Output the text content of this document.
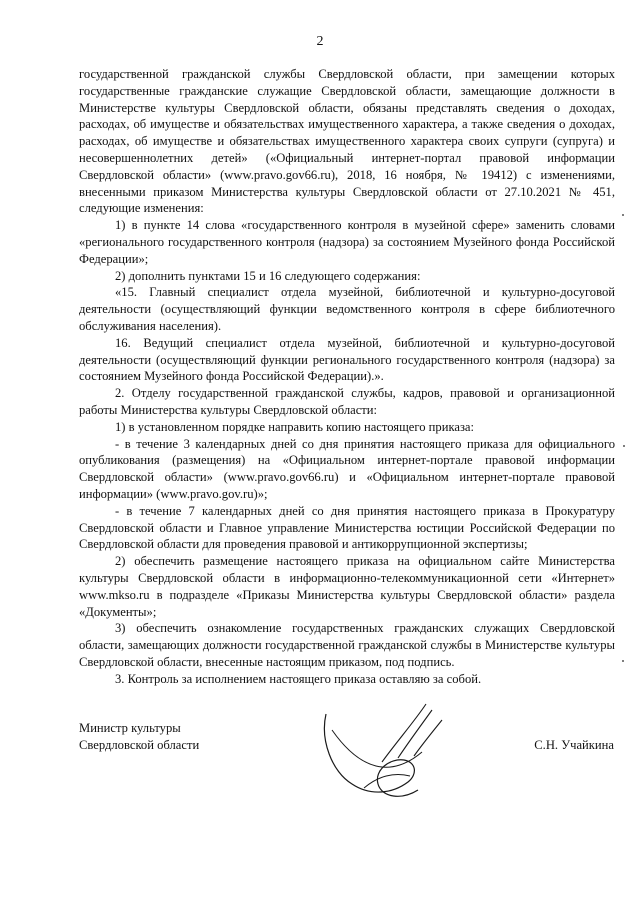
2

государственной гражданской службы Свердловской области, при замещении которых государственные гражданские служащие Свердловской области, замещающие должности в Министерстве культуры Свердловской области, обязаны представлять сведения о доходах, расходах, об имуществе и обязательствах имущественного характера, а также сведения о доходах, расходах, об имуществе и обязательствах имущественного характера своих супруги (супруга) и несовершеннолетних детей» («Официальный интернет-портал правовой информации Свердловской области» (www.pravo.gov66.ru), 2018, 16 ноября, № 19412) с изменениями, внесенными приказом Министерства культуры Свердловской области от 27.10.2021 № 451, следующие изменения:

1) в пункте 14 слова «государственного контроля в музейной сфере» заменить словами «регионального государственного контроля (надзора) за состоянием Музейного фонда Российской Федерации»;

2) дополнить пунктами 15 и 16 следующего содержания:

«15. Главный специалист отдела музейной, библиотечной и культурно-досуговой деятельности (осуществляющий функции ведомственного контроля в сфере библиотечного обслуживания населения).

16. Ведущий специалист отдела музейной, библиотечной и культурно-досуговой деятельности (осуществляющий функции регионального государственного контроля (надзора) за состоянием Музейного фонда Российской Федерации).».

2. Отделу государственной гражданской службы, кадров, правовой и организационной работы Министерства культуры Свердловской области:

1) в установленном порядке направить копию настоящего приказа:

- в течение 3 календарных дней со дня принятия настоящего приказа для официального опубликования (размещения) на «Официальном интернет-портале правовой информации Свердловской области» (www.pravo.gov66.ru) и «Официальном интернет-портале правовой информации» (www.pravo.gov.ru)»;

- в течение 7 календарных дней со дня принятия настоящего приказа в Прокуратуру Свердловской области и Главное управление Министерства юстиции Российской Федерации по Свердловской области для проведения правовой и антикоррупционной экспертизы;

2) обеспечить размещение настоящего приказа на официальном сайте Министерства культуры Свердловской области в информационно-телекоммуникационной сети «Интернет» www.mkso.ru в подразделе «Приказы Министерства культуры Свердловской области» раздела «Документы»;

3) обеспечить ознакомление государственных гражданских служащих Свердловской области, замещающих должности государственной гражданской службы в Министерстве культуры Свердловской области, внесенные настоящим приказом, под подпись.

3. Контроль за исполнением настоящего приказа оставляю за собой.

Министр культуры
Свердловской области	С.Н. Учайкина
